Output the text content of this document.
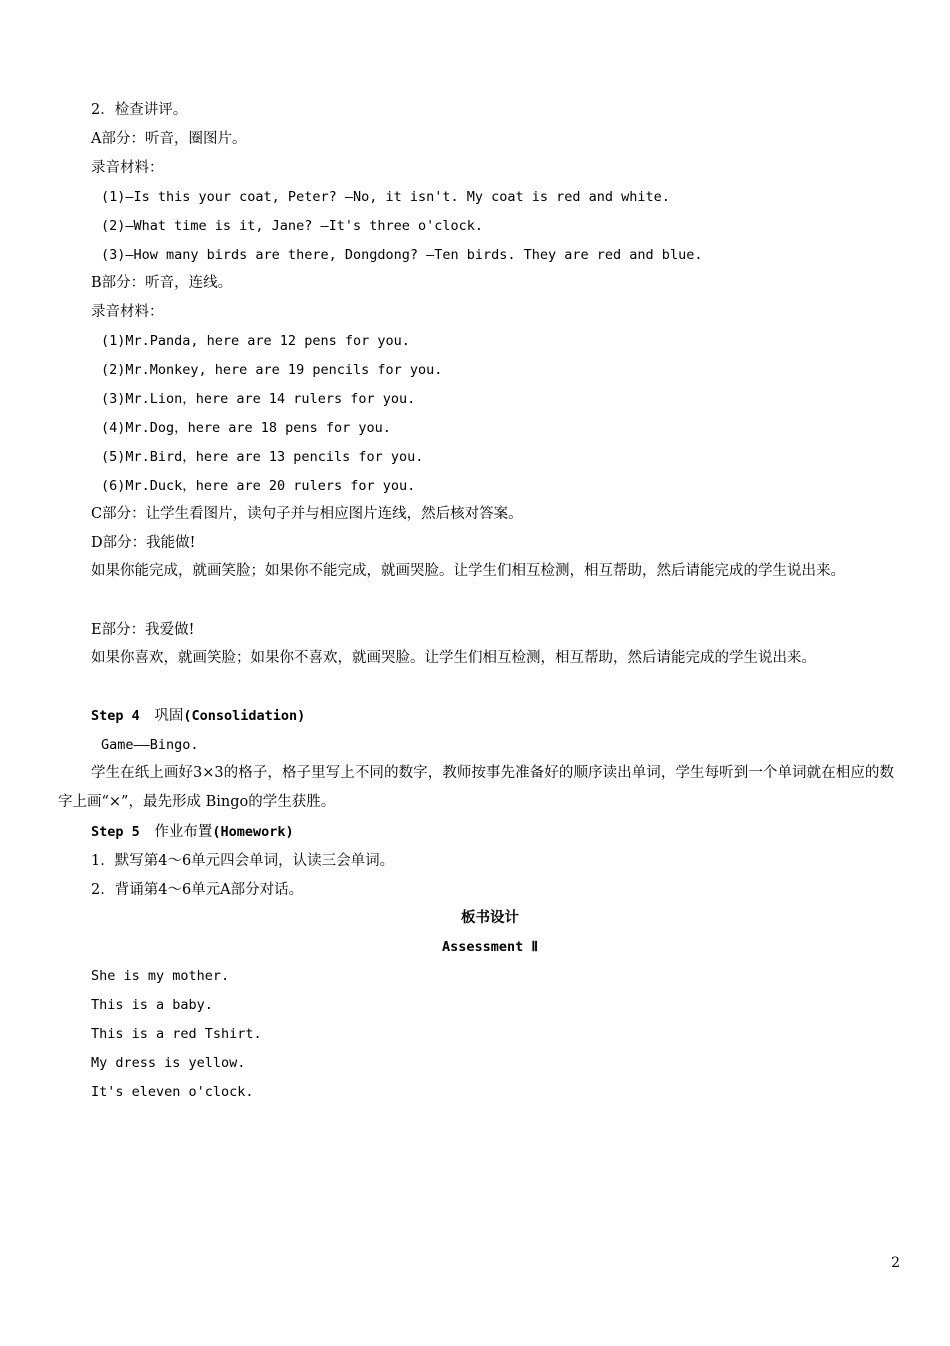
2．检查讲评。
A部分：听音，圈图片。
录音材料：
(1)—Is this your coat, Peter? —No, it isn't. My coat is red and white.
(2)—What time is it, Jane? —It's three o'clock.
(3)—How many birds are there, Dongdong? —Ten birds. They are red and blue.
B部分：听音，连线。
录音材料：
(1)Mr.Panda, here are 12 pens for you.
(2)Mr.Monkey, here are 19 pencils for you.
(3)Mr.Lion，here are 14 rulers for you.
(4)Mr.Dog，here are 18 pens for you.
(5)Mr.Bird，here are 13 pencils for you.
(6)Mr.Duck，here are 20 rulers for you.
C部分：让学生看图片，读句子并与相应图片连线，然后核对答案。
D部分：我能做!
如果你能完成，就画笑脸；如果你不能完成，就画哭脸。让学生们相互检测，相互帮助，然后请能完成的学生说出来。
E部分：我爱做!
如果你喜欢，就画笑脸；如果你不喜欢，就画哭脸。让学生们相互检测，相互帮助，然后请能完成的学生说出来。
Step 4 巩固(Consolidation)
Game——Bingo.
学生在纸上画好3×3的格子，格子里写上不同的数字，教师按事先准备好的顺序读出单词，学生每听到一个单词就在相应的数字上画“×”，最先形成 Bingo的学生获胜。
Step 5 作业布置(Homework)
1．默写第4～6单元四会单词，认读三会单词。
2．背诵第4～6单元A部分对话。
板书设计
Assessment Ⅱ
She is my mother.
This is a baby.
This is a red Tshirt.
My dress is yellow.
It's eleven o'clock.
2
